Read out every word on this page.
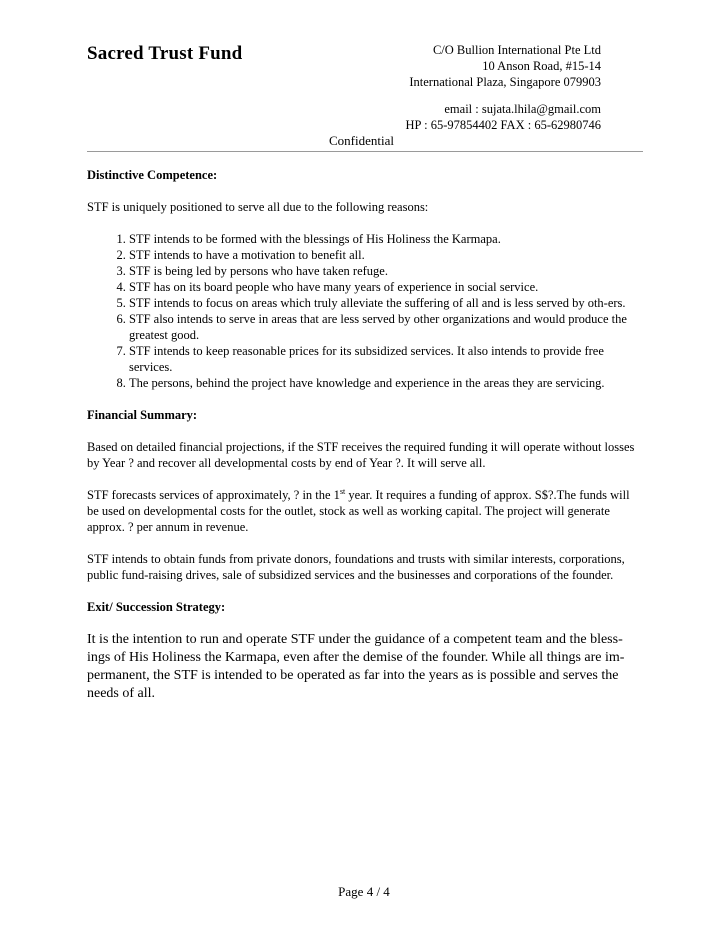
Sacred Trust Fund	C/O Bullion International Pte Ltd
10 Anson Road, #15-14
International Plaza, Singapore 079903
email : sujata.lhila@gmail.com
HP : 65-97854402 FAX : 65-62980746
Confidential

Distinctive Competence:

STF is uniquely positioned to serve all due to the following reasons:

1. STF intends to be formed with the blessings of His Holiness the Karmapa.
2. STF intends to have a motivation to benefit all.
3. STF is being led by persons who have taken refuge.
4. STF has on its board people who have many years of experience in social service.
5. STF intends to focus on areas which truly alleviate the suffering of all and is less served by oth-ers.
6. STF also intends to serve in areas that are less served by other organizations and would produce the greatest good.
7. STF intends to keep reasonable prices for its subsidized services. It also intends to provide free services.
8. The persons, behind the project have knowledge and experience in the areas they are servicing.

Financial Summary:

Based on detailed financial projections, if the STF receives the required funding it will operate without losses by Year ? and recover all developmental costs by end of Year ?. It will serve all.

STF forecasts services of approximately, ? in the 1st year. It requires a funding of approx. S$?.The funds will be used on developmental costs for the outlet, stock as well as working capital. The project will generate approx. ? per annum in revenue.

STF intends to obtain funds from private donors, foundations and trusts with similar interests, corporations, public fund-raising drives, sale of subsidized services and the businesses and corporations of the founder.

Exit/ Succession Strategy:

It is the intention to run and operate STF under the guidance of a competent team and the bless-ings of His Holiness the Karmapa, even after the demise of the founder. While all things are im-permanent, the STF is intended to be operated as far into the years as is possible and serves the needs of all.

Page 4 / 4
